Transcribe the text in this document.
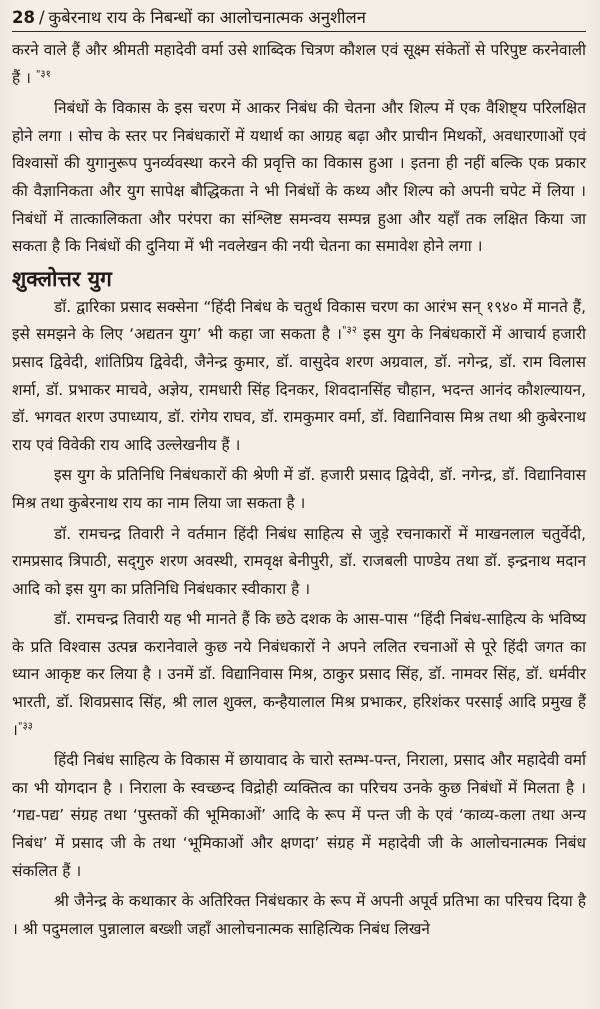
28 / कुबेरनाथ राय के निबन्धों का आलोचनात्मक अनुशीलन

करने वाले हैं और श्रीमती महादेवी वर्मा उसे शाब्दिक चित्रण कौशल एवं सूक्ष्म संकेतों से परिपुष्ट करनेवाली हैं । $^{"३१}$

निबंधों के विकास के इस चरण में आकर निबंध की चेतना और शिल्प में एक वैशिष्ट्य परिलक्षित होने लगा । सोच के स्तर पर निबंधकारों में यथार्थ का आग्रह बढ़ा और प्राचीन मिथकों, अवधारणाओं एवं विश्वासों की युगानुरूप पुनर्व्यवस्था करने की प्रवृत्ति का विकास हुआ । इतना ही नहीं बल्कि एक प्रकार की वैज्ञानिकता और युग सापेक्ष बौद्धिकता ने भी निबंधों के कथ्य और शिल्प को अपनी चपेट में लिया । निबंधों में तात्कालिकता और परंपरा का संश्लिष्ट समन्वय सम्पन्न हुआ और यहाँ तक लक्षित किया जा सकता है कि निबंधों की दुनिया में भी नवलेखन की नयी चेतना का समावेश होने लगा ।

शुक्लोत्तर युग

डॉ. द्वारिका प्रसाद सक्सेना “हिंदी निबंध के चतुर्थ विकास चरण का आरंभ सन् १९४० में मानते हैं, इसे समझने के लिए ‘अद्यतन युग’ भी कहा जा सकता है ।$^{"३२}$ इस युग के निबंधकारों में आचार्य हजारी प्रसाद द्विवेदी, शांतिप्रिय द्विवेदी, जैनेन्द्र कुमार, डॉ. वासुदेव शरण अग्रवाल, डॉ. नगेन्द्र, डॉ. राम विलास शर्मा, डॉ. प्रभाकर माचवे, अज्ञेय, रामधारी सिंह दिनकर, शिवदानसिंह चौहान, भदन्त आनंद कौशल्यायन, डॉ. भगवत शरण उपाध्याय, डॉ. रांगेय राघव, डॉ. रामकुमार वर्मा, डॉ. विद्यानिवास मिश्र तथा श्री कुबेरनाथ राय एवं विवेकी राय आदि उल्लेखनीय हैं ।

इस युग के प्रतिनिधि निबंधकारों की श्रेणी में डॉ. हजारी प्रसाद द्विवेदी, डॉ. नगेन्द्र, डॉ. विद्यानिवास मिश्र तथा कुबेरनाथ राय का नाम लिया जा सकता है ।

डॉ. रामचन्द्र तिवारी ने वर्तमान हिंदी निबंध साहित्य से जुड़े रचनाकारों में माखनलाल चतुर्वेदी, रामप्रसाद त्रिपाठी, सद्‌गुरु शरण अवस्थी, रामवृक्ष बेनीपुरी, डॉ. राजबली पाण्डेय तथा डॉ. इन्द्रनाथ मदान आदि को इस युग का प्रतिनिधि निबंधकार स्वीकारा है ।

डॉ. रामचन्द्र तिवारी यह भी मानते हैं कि छठे दशक के आस-पास “हिंदी निबंध-साहित्य के भविष्य के प्रति विश्वास उत्पन्न करानेवाले कुछ नये निबंधकारों ने अपने ललित रचनाओं से पूरे हिंदी जगत का ध्यान आकृष्ट कर लिया है । उनमें डॉ. विद्यानिवास मिश्र, ठाकुर प्रसाद सिंह, डॉ. नामवर सिंह, डॉ. धर्मवीर भारती, डॉ. शिवप्रसाद सिंह, श्री लाल शुक्ल, कन्हैयालाल मिश्र प्रभाकर, हरिशंकर परसाई आदि प्रमुख हैं ।$^{"३३}$

हिंदी निबंध साहित्य के विकास में छायावाद के चारो स्तम्भ-पन्त, निराला, प्रसाद और महादेवी वर्मा का भी योगदान है । निराला के स्वच्छन्द विद्रोही व्यक्तित्व का परिचय उनके कुछ निबंधों में मिलता है । ‘गद्य-पद्य’ संग्रह तथा ‘पुस्तकों की भूमिकाओं’ आदि के रूप में पन्त जी के एवं ‘काव्य-कला तथा अन्य निबंध’ में प्रसाद जी के तथा ‘भूमिकाओं और क्षणदा’ संग्रह में महादेवी जी के आलोचनात्मक निबंध संकलित हैं ।

श्री जैनेन्द्र के कथाकार के अतिरिक्त निबंधकार के रूप में अपनी अपूर्व प्रतिभा का परिचय दिया है । श्री पदुमलाल पुन्नालाल बख्शी जहाँ आलोचनात्मक साहित्यिक निबंध लिखने
